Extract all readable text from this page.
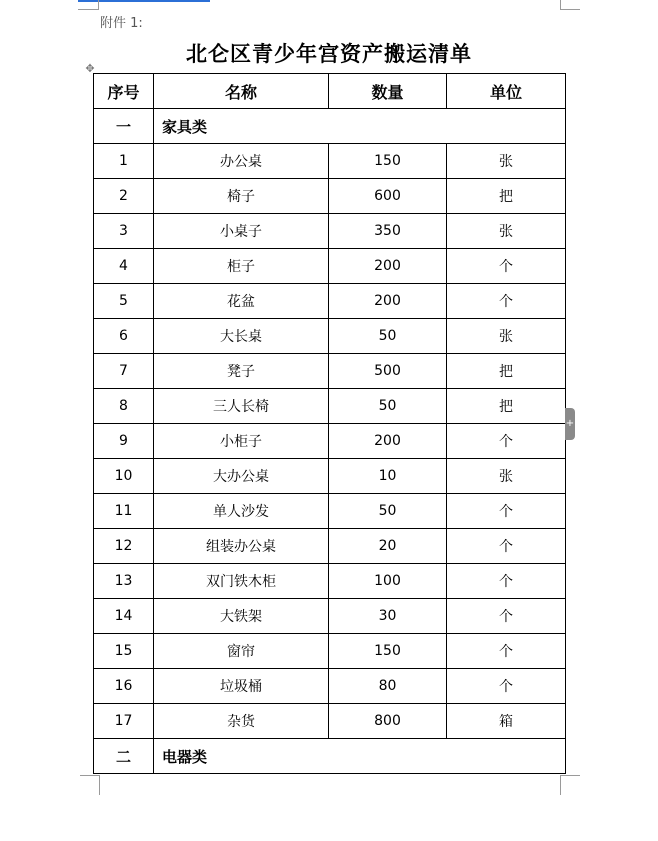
附件 1:
北仑区青少年宫资产搬运清单
✥
序号	名称	数量	单位
一	家具类		
1	办公桌	150	张
2	椅子	600	把
3	小桌子	350	张
4	柜子	200	个
5	花盆	200	个
6	大长桌	50	张
7	凳子	500	把
8	三人长椅	50	把
9	小柜子	200	个
10	大办公桌	10	张
11	单人沙发	50	个
12	组装办公桌	20	个
13	双门铁木柜	100	个
14	大铁架	30	个
15	窗帘	150	个
16	垃圾桶	80	个
17	杂货	800	箱
二	电器类		
+
